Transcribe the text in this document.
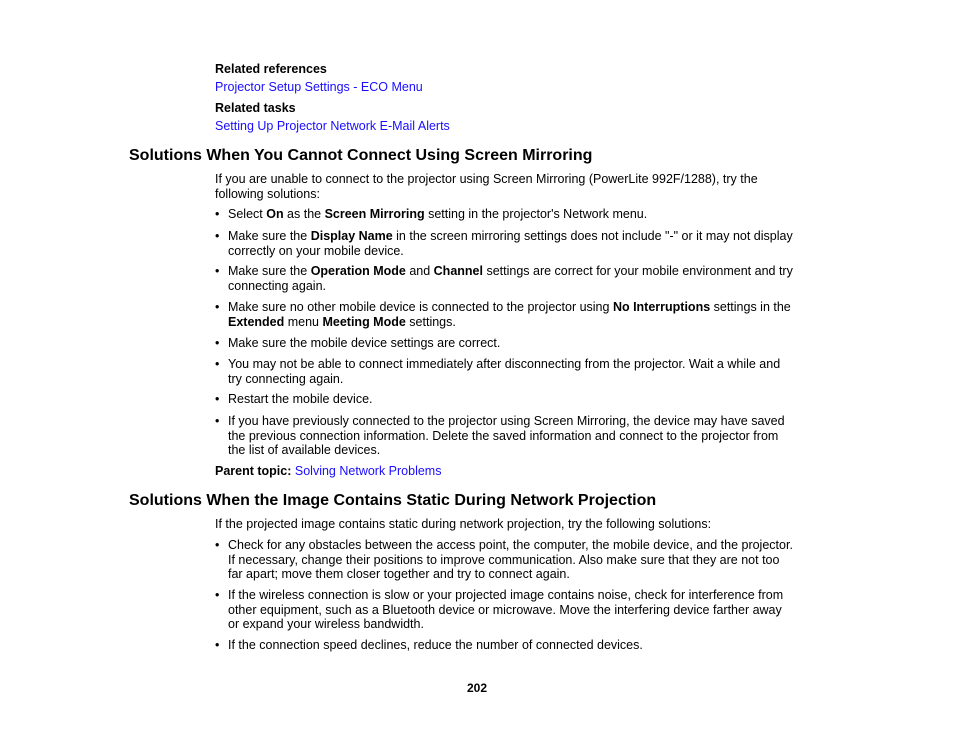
Related references
Projector Setup Settings - ECO Menu
Related tasks
Setting Up Projector Network E-Mail Alerts
Solutions When You Cannot Connect Using Screen Mirroring
If you are unable to connect to the projector using Screen Mirroring (PowerLite 992F/1288), try the
following solutions:
• Select On as the Screen Mirroring setting in the projector's Network menu.
• Make sure the Display Name in the screen mirroring settings does not include "-" or it may not display
correctly on your mobile device.
• Make sure the Operation Mode and Channel settings are correct for your mobile environment and try
connecting again.
• Make sure no other mobile device is connected to the projector using No Interruptions settings in the
Extended menu Meeting Mode settings.
• Make sure the mobile device settings are correct.
• You may not be able to connect immediately after disconnecting from the projector. Wait a while and
try connecting again.
• Restart the mobile device.
• If you have previously connected to the projector using Screen Mirroring, the device may have saved
the previous connection information. Delete the saved information and connect to the projector from
the list of available devices.
Parent topic: Solving Network Problems
Solutions When the Image Contains Static During Network Projection
If the projected image contains static during network projection, try the following solutions:
• Check for any obstacles between the access point, the computer, the mobile device, and the projector.
If necessary, change their positions to improve communication. Also make sure that they are not too
far apart; move them closer together and try to connect again.
• If the wireless connection is slow or your projected image contains noise, check for interference from
other equipment, such as a Bluetooth device or microwave. Move the interfering device farther away
or expand your wireless bandwidth.
• If the connection speed declines, reduce the number of connected devices.
202
